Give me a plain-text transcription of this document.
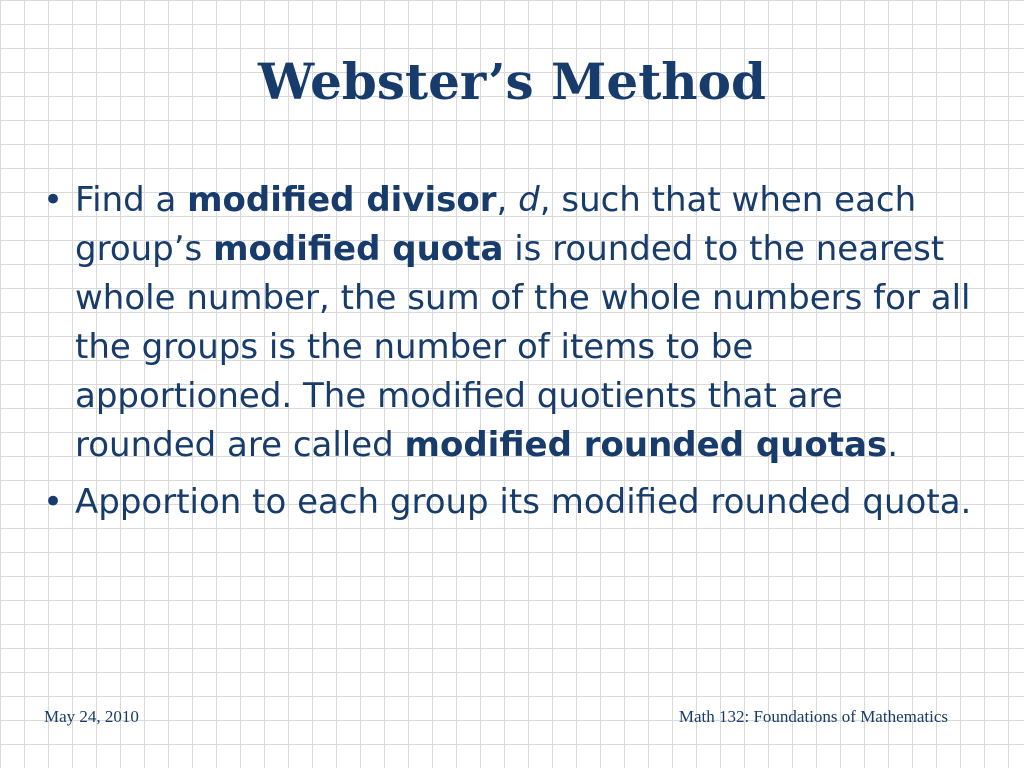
Webster’s Method
• Find a modified divisor, d, such that when each group’s modified quota is rounded to the nearest whole number, the sum of the whole numbers for all the groups is the number of items to be apportioned. The modified quotients that are rounded are called modified rounded quotas.
• Apportion to each group its modified rounded quota.
May 24, 2010	Math 132: Foundations of Mathematics
